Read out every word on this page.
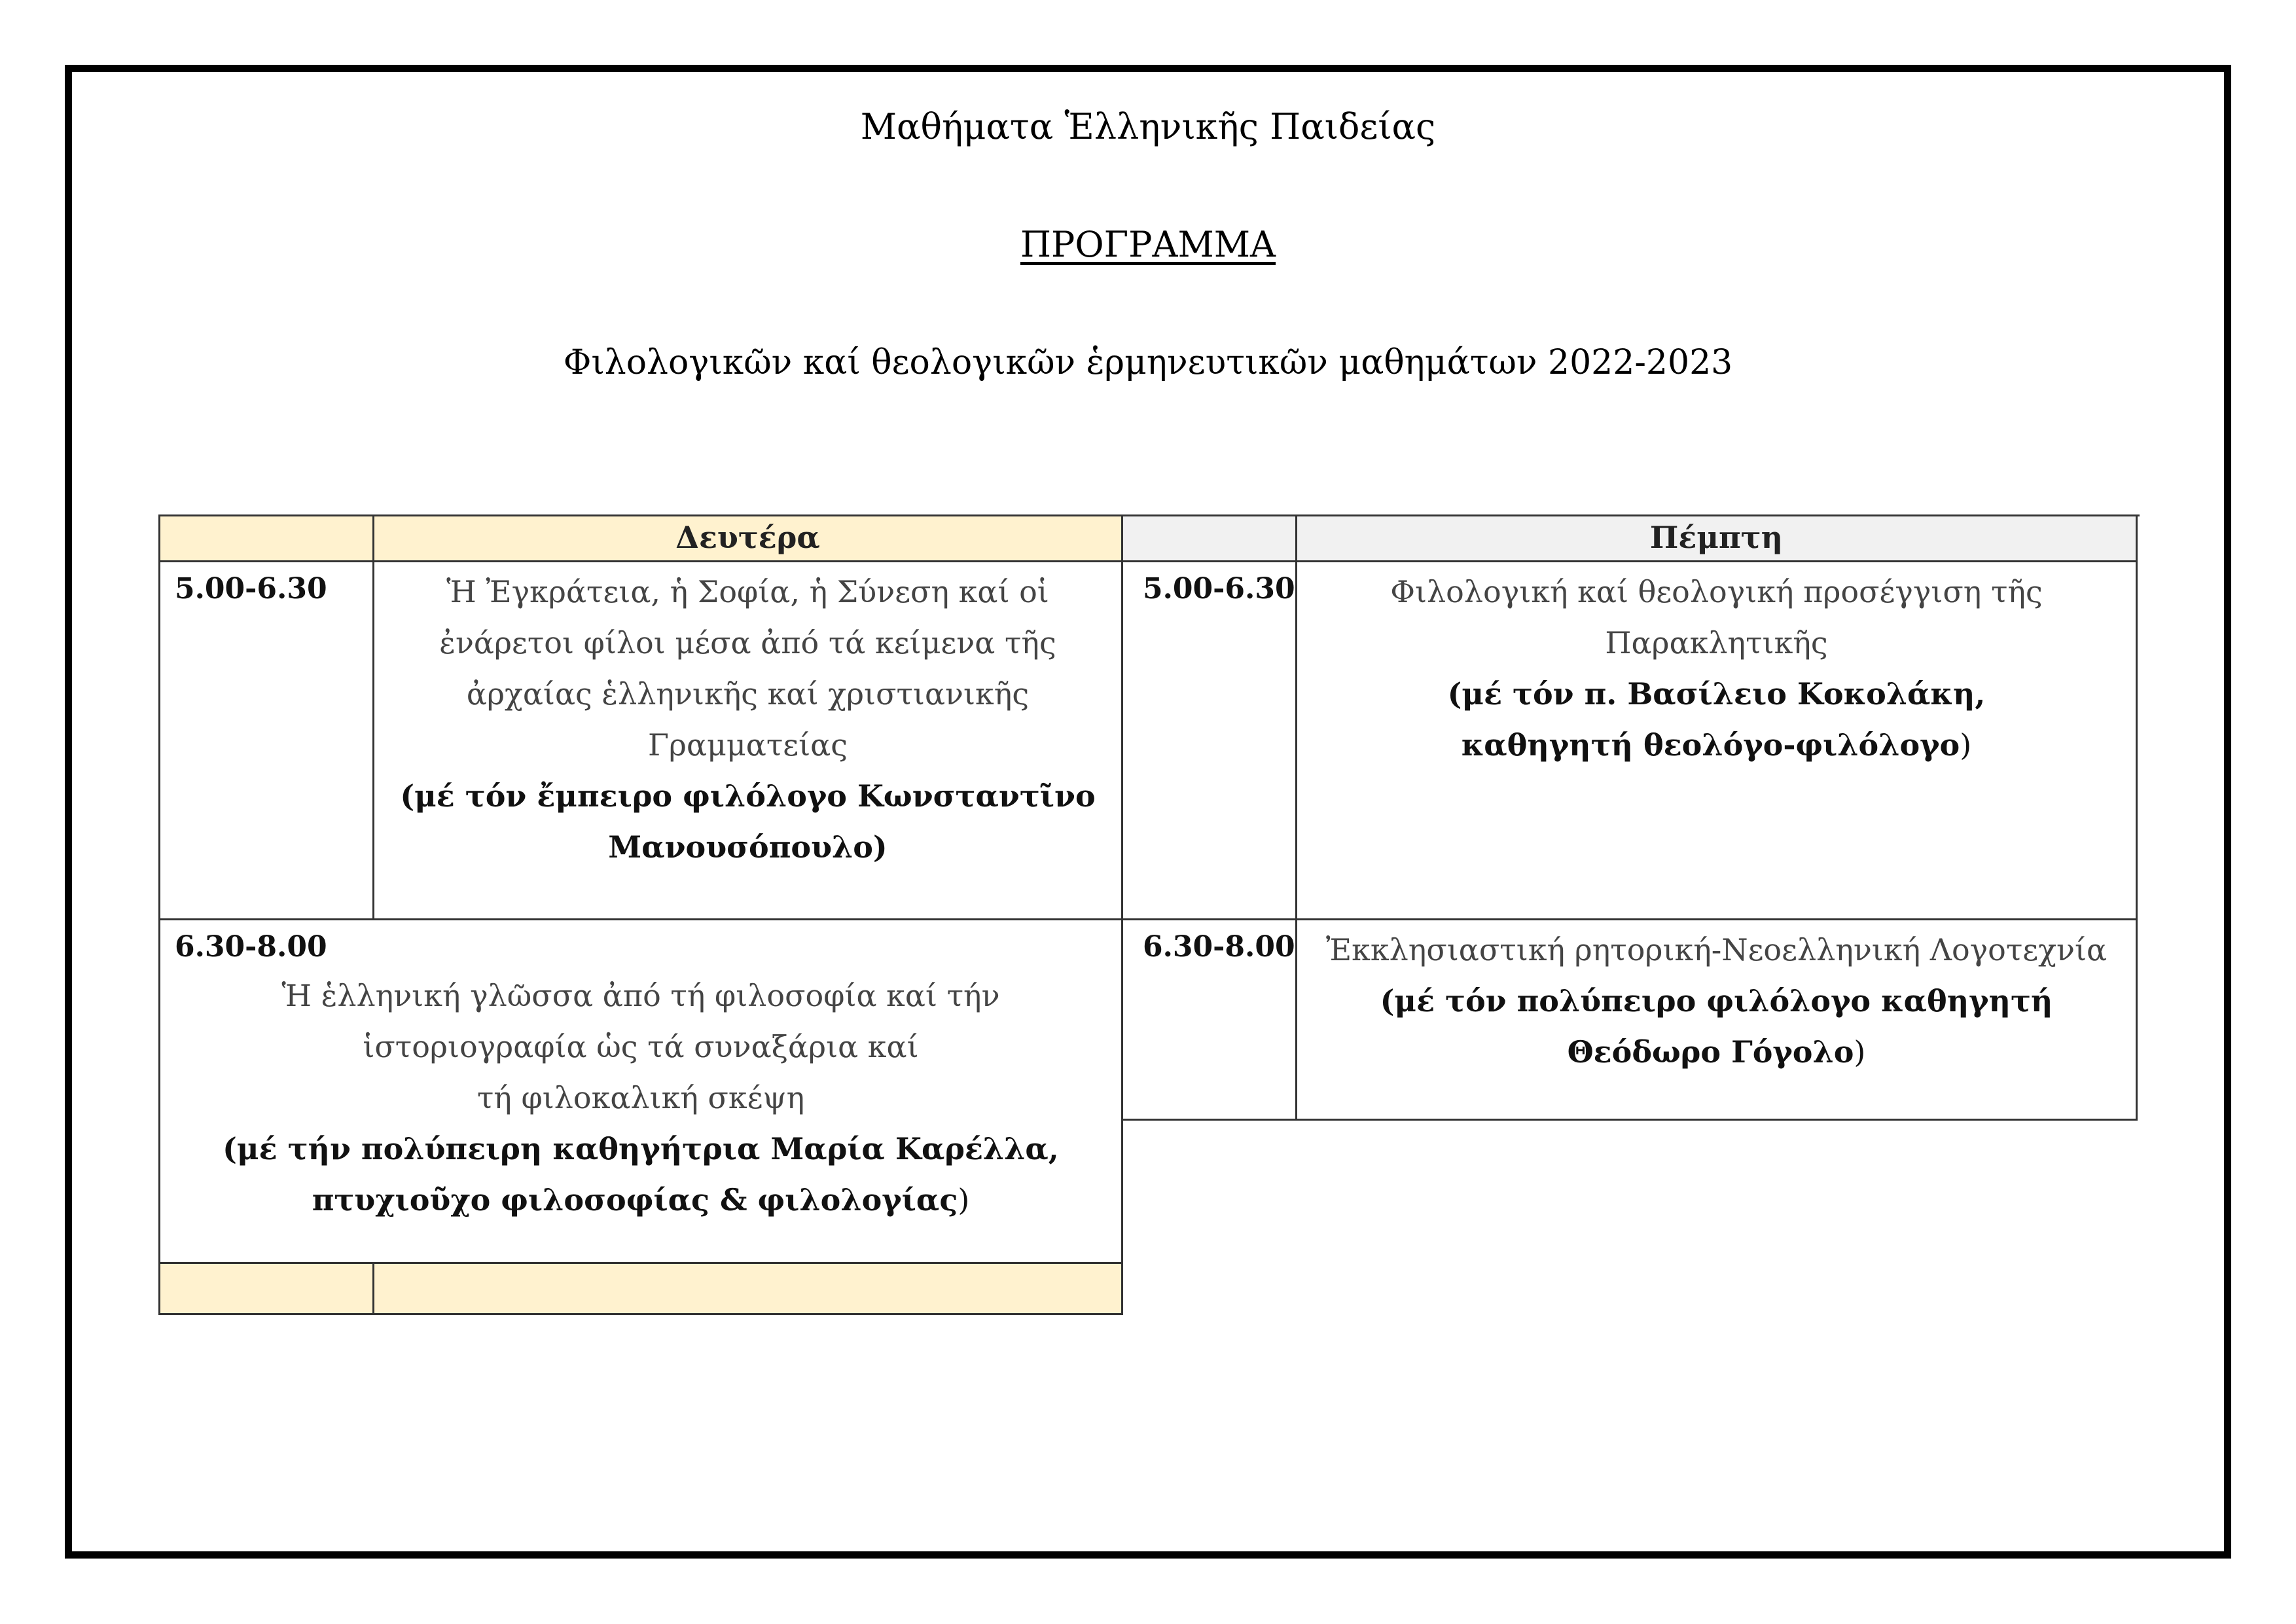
Μαθήματα Ἑλληνικῆς Παιδείας
ΠΡΟΓΡΑΜΜΑ
Φιλολογικῶν καί θεολογικῶν ἑρμηνευτικῶν μαθημάτων 2022-2023
Δευτέρα
5.00-6.30	Ἡ Ἐγκράτεια, ἡ Σοφία, ἡ Σύνεση καί οἱ
ἐνάρετοι φίλοι μέσα ἀπό τά κείμενα τῆς
ἀρχαίας ἑλληνικῆς καί χριστιανικῆς
Γραμματείας
(μέ τόν ἔμπειρο φιλόλογο Κωνσταντῖνο
Μανουσόπουλο)
6.30-8.00
Ἡ ἑλληνική γλῶσσα ἀπό τή φιλοσοφία καί τήν
ἱστοριογραφία ὡς τά συναξάρια καί
τή φιλοκαλική σκέψη
(μέ τήν πολύπειρη καθηγήτρια Μαρία Καρέλλα,
πτυχιοῦχο φιλοσοφίας & φιλολογίας)
Πέμπτη
5.00-6.30	Φιλολογική καί θεολογική προσέγγιση τῆς
Παρακλητικῆς
(μέ τόν π. Βασίλειο Κοκολάκη,
καθηγητή θεολόγο-φιλόλογο)
6.30-8.00	Ἐκκλησιαστική ρητορική-Νεοελληνική Λογοτεχνία
(μέ τόν πολύπειρο φιλόλογο καθηγητή
Θεόδωρο Γόγολο)
